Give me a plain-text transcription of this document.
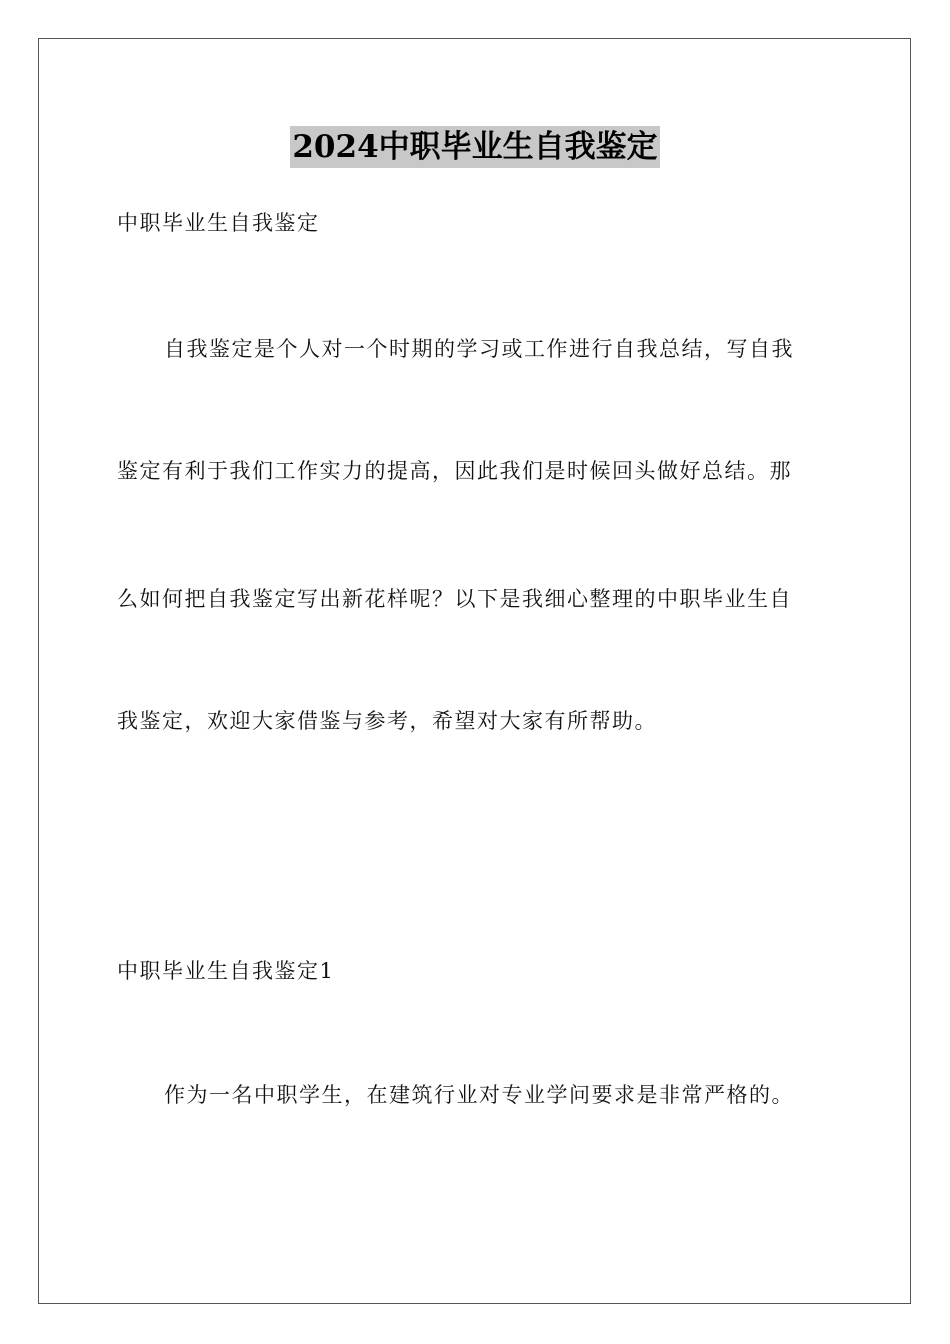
2024中职毕业生自我鉴定
中职毕业生自我鉴定
自我鉴定是个人对一个时期的学习或工作进行自我总结，写自我
鉴定有利于我们工作实力的提高，因此我们是时候回头做好总结。那
么如何把自我鉴定写出新花样呢？以下是我细心整理的中职毕业生自
我鉴定，欢迎大家借鉴与参考，希望对大家有所帮助。
中职毕业生自我鉴定1
作为一名中职学生，在建筑行业对专业学问要求是非常严格的。
